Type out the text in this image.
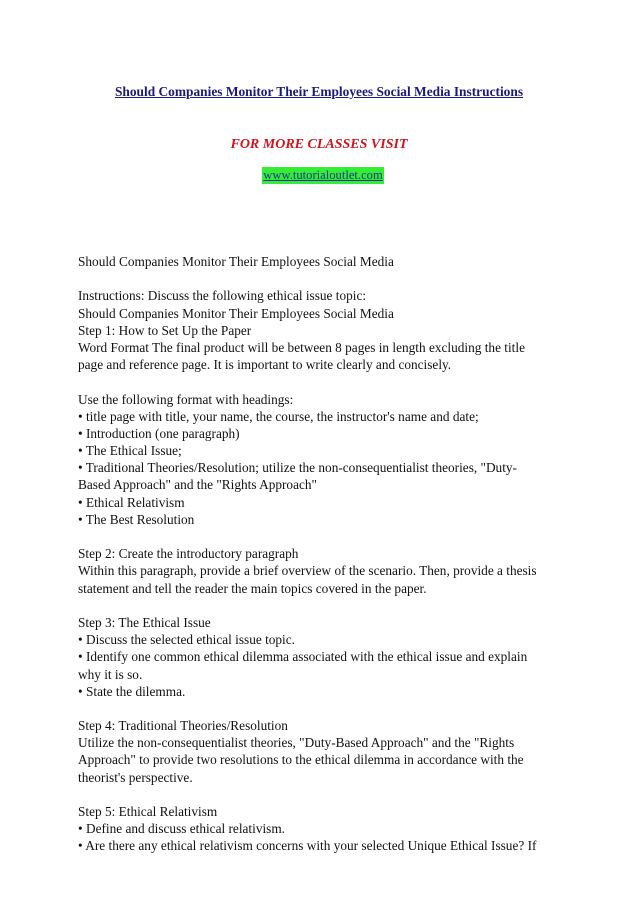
Should Companies Monitor Their Employees Social Media Instructions
FOR MORE CLASSES VISIT
www.tutorialoutlet.com
Should Companies Monitor Their Employees Social Media
Instructions: Discuss the following ethical issue topic:
Should Companies Monitor Their Employees Social Media
Step 1: How to Set Up the Paper
Word Format The final product will be between 8 pages in length excluding the title
page and reference page. It is important to write clearly and concisely.
Use the following format with headings:
• title page with title, your name, the course, the instructor's name and date;
• Introduction (one paragraph)
• The Ethical Issue;
• Traditional Theories/Resolution; utilize the non-consequentialist theories, "Duty-
Based Approach" and the "Rights Approach"
• Ethical Relativism
• The Best Resolution
Step 2: Create the introductory paragraph
Within this paragraph, provide a brief overview of the scenario. Then, provide a thesis
statement and tell the reader the main topics covered in the paper.
Step 3: The Ethical Issue
• Discuss the selected ethical issue topic.
• Identify one common ethical dilemma associated with the ethical issue and explain
why it is so.
• State the dilemma.
Step 4: Traditional Theories/Resolution
Utilize the non-consequentialist theories, "Duty-Based Approach" and the "Rights
Approach" to provide two resolutions to the ethical dilemma in accordance with the
theorist's perspective.
Step 5: Ethical Relativism
• Define and discuss ethical relativism.
• Are there any ethical relativism concerns with your selected Unique Ethical Issue? If
